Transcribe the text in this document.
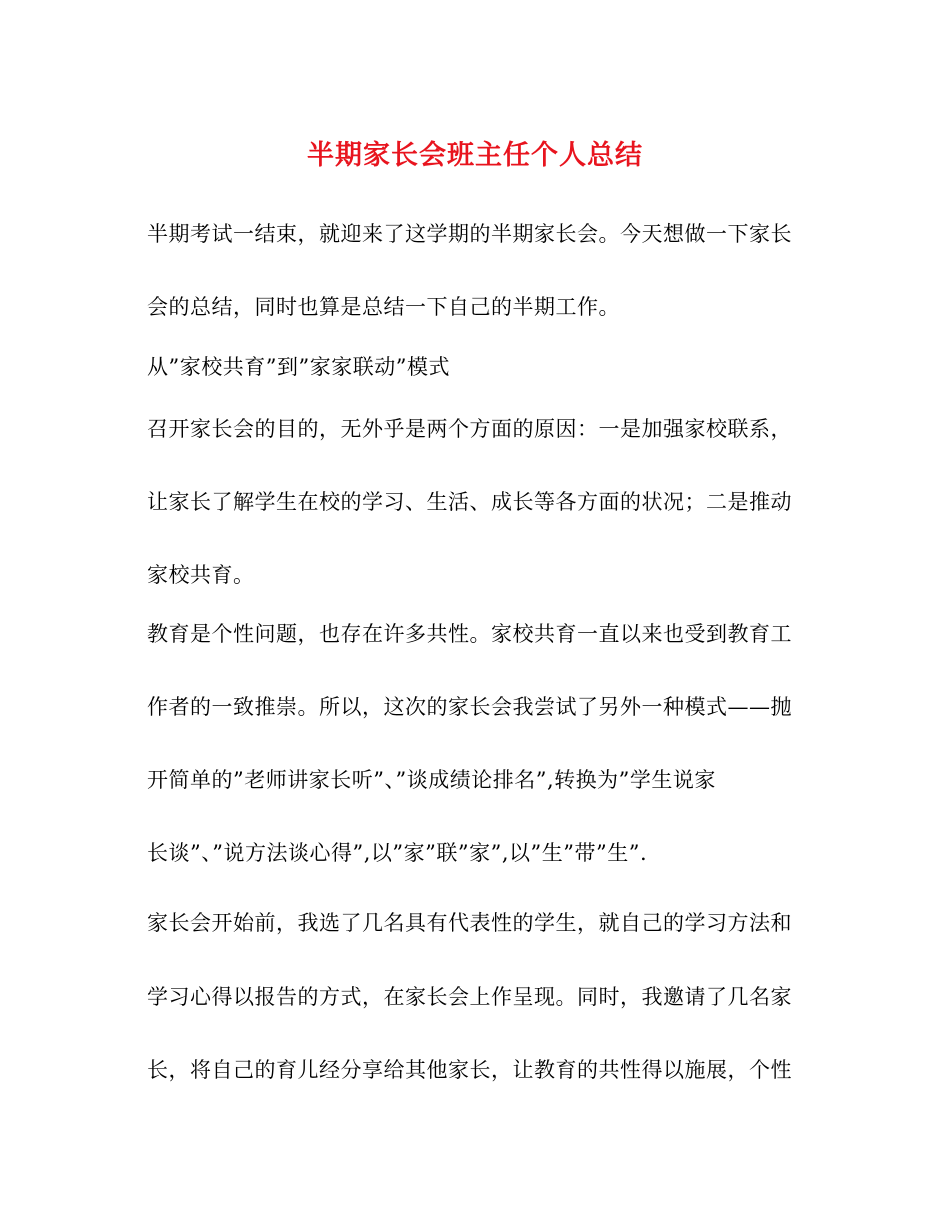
半期家长会班主任个人总结
半期考试一结束，就迎来了这学期的半期家长会。今天想做一下家长
会的总结，同时也算是总结一下自己的半期工作。
从”家校共育”到”家家联动”模式
召开家长会的目的，无外乎是两个方面的原因：一是加强家校联系，
让家长了解学生在校的学习、生活、成长等各方面的状况；二是推动
家校共育。
教育是个性问题，也存在许多共性。家校共育一直以来也受到教育工
作者的一致推崇。所以，这次的家长会我尝试了另外一种模式——抛
开简单的”老师讲家长听”、”谈成绩论排名”,转换为”学生说家
长谈”、”说方法谈心得”,以”家”联”家”,以”生”带”生”.
家长会开始前，我选了几名具有代表性的学生，就自己的学习方法和
学习心得以报告的方式，在家长会上作呈现。同时，我邀请了几名家
长，将自己的育儿经分享给其他家长，让教育的共性得以施展，个性
